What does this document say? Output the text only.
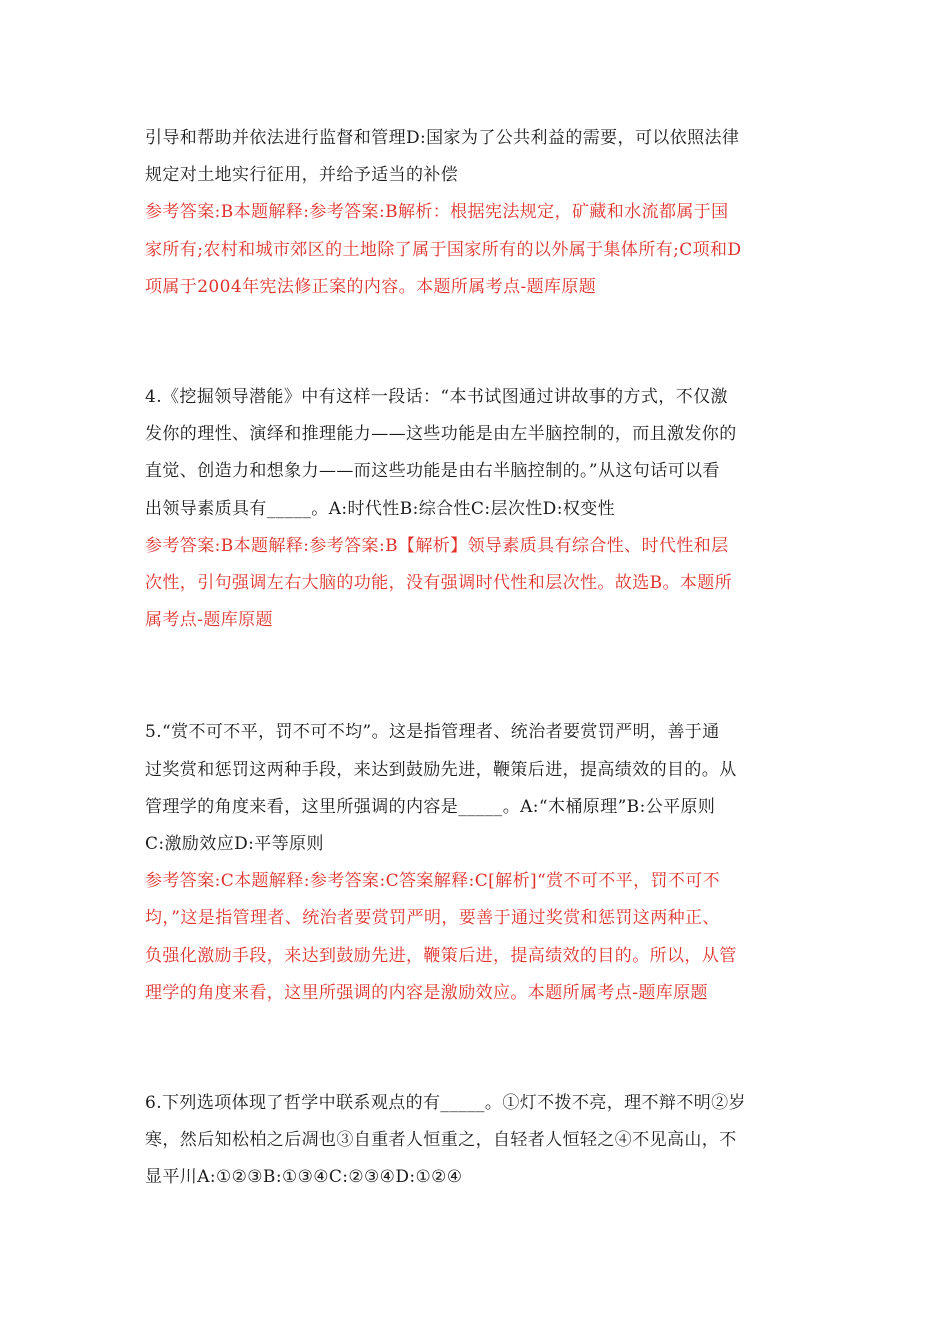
引导和帮助并依法进行监督和管理D:国家为了公共利益的需要，可以依照法律
规定对土地实行征用，并给予适当的补偿
参考答案:B本题解释:参考答案:B解析：根据宪法规定，矿藏和水流都属于国
家所有;农村和城市郊区的土地除了属于国家所有的以外属于集体所有;C项和D
项属于2004年宪法修正案的内容。本题所属考点-题库原题
4.《挖掘领导潜能》中有这样一段话：“本书试图通过讲故事的方式，不仅激
发你的理性、演绎和推理能力——这些功能是由左半脑控制的，而且激发你的
直觉、创造力和想象力——而这些功能是由右半脑控制的。”从这句话可以看
出领导素质具有_____。A:时代性B:综合性C:层次性D:权变性
参考答案:B本题解释:参考答案:B【解析】领导素质具有综合性、时代性和层
次性，引句强调左右大脑的功能，没有强调时代性和层次性。故选B。本题所
属考点-题库原题
5.“赏不可不平，罚不可不均”。这是指管理者、统治者要赏罚严明，善于通
过奖赏和惩罚这两种手段，来达到鼓励先进，鞭策后进，提高绩效的目的。从
管理学的角度来看，这里所强调的内容是_____。A:“木桶原理”B:公平原则
C:激励效应D:平等原则
参考答案:C本题解释:参考答案:C答案解释:C[解析]“赏不可不平，罚不可不
均，”这是指管理者、统治者要赏罚严明，要善于通过奖赏和惩罚这两种正、
负强化激励手段，来达到鼓励先进，鞭策后进，提高绩效的目的。所以，从管
理学的角度来看，这里所强调的内容是激励效应。本题所属考点-题库原题
6.下列选项体现了哲学中联系观点的有_____。①灯不拨不亮，理不辩不明②岁
寒，然后知松柏之后凋也③自重者人恒重之，自轻者人恒轻之④不见高山，不
显平川A:①②③B:①③④C:②③④D:①②④
